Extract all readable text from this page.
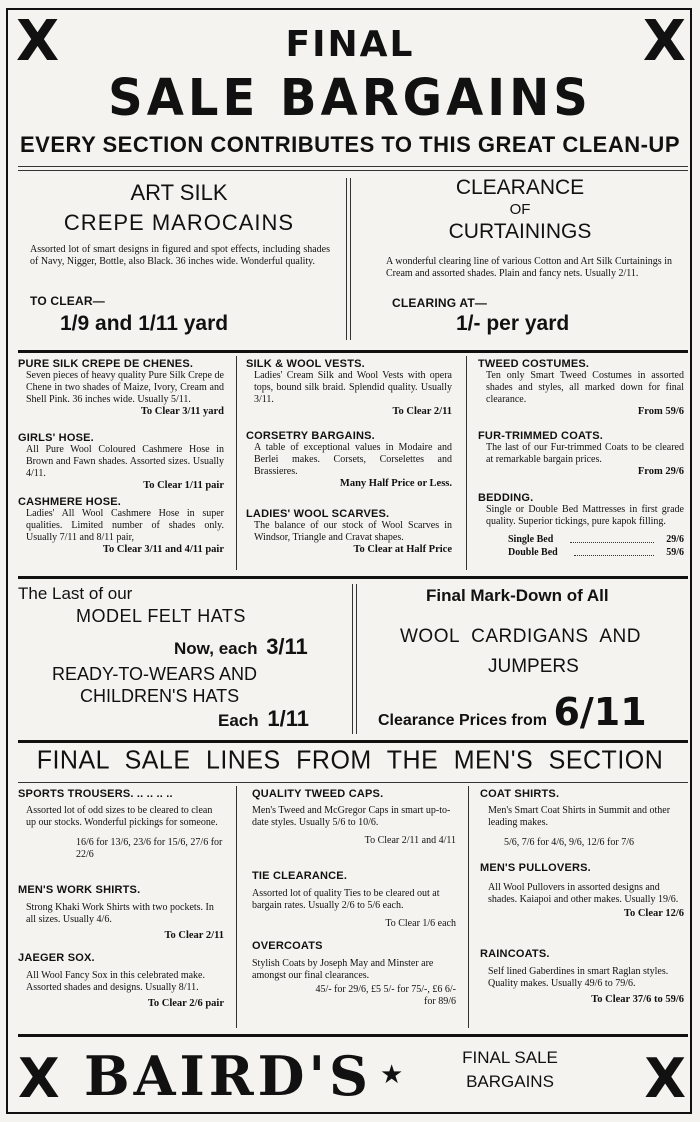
X	X
FINAL
SALE BARGAINS
EVERY SECTION CONTRIBUTES TO THIS GREAT CLEAN-UP
ART SILK
CREPE MAROCAINS
Assorted lot of smart designs in figured and spot effects, including shades of Navy, Nigger, Bottle, also Black. 36 inches wide. Wonderful quality.
TO CLEAR—
1/9 and 1/11 yard
CLEARANCE
OF
CURTAININGS
A wonderful clearing line of various Cotton and Art Silk Curtainings in Cream and assorted shades. Plain and fancy nets. Usually 2/11.
CLEARING AT—
1/- per yard
PURE SILK CREPE DE CHENES.
Seven pieces of heavy quality Pure Silk Crepe de Chene in two shades of Maize, Ivory, Cream and Shell Pink. 36 inches wide. Usually 5/11.
To Clear 3/11 yard
GIRLS' HOSE.
All Pure Wool Coloured Cashmere Hose in Brown and Fawn shades. Assorted sizes. Usually 4/11.
To Clear 1/11 pair
CASHMERE HOSE.
Ladies' All Wool Cashmere Hose in super qualities. Limited number of shades only. Usually 7/11 and 8/11 pair,
To Clear 3/11 and 4/11 pair
SILK & WOOL VESTS.
Ladies' Cream Silk and Wool Vests with opera tops, bound silk braid. Splendid quality. Usually 3/11.
To Clear 2/11
CORSETRY BARGAINS.
A table of exceptional values in Modaire and Berlei makes. Corsets, Corselettes and Brassieres.
Many Half Price or Less.
LADIES' WOOL SCARVES.
The balance of our stock of Wool Scarves in Windsor, Triangle and Cravat shapes.
To Clear at Half Price
TWEED COSTUMES.
Ten only Smart Tweed Costumes in assorted shades and styles, all marked down for final clearance.
From 59/6
FUR-TRIMMED COATS.
The last of our Fur-trimmed Coats to be cleared at remarkable bargain prices.
From 29/6
BEDDING.
Single or Double Bed Mattresses in first grade quality. Superior tickings, pure kapok filling.
Single Bed	29/6
Double Bed	59/6
The Last of our
MODEL FELT HATS
Now, each 3/11
READY-TO-WEARS AND
CHILDREN'S HATS
Each 1/11
Final Mark-Down of All
WOOL CARDIGANS AND
JUMPERS
Clearance Prices from 6/11
FINAL SALE LINES FROM THE MEN'S SECTION
SPORTS TROUSERS. .. .. .. ..
Assorted lot of odd sizes to be cleared to clean up our stocks. Wonderful pickings for someone.
16/6 for 13/6, 23/6 for 15/6, 27/6 for 22/6
MEN'S WORK SHIRTS.
Strong Khaki Work Shirts with two pockets. In all sizes. Usually 4/6.
To Clear 2/11
JAEGER SOX.
All Wool Fancy Sox in this celebrated make. Assorted shades and designs. Usually 8/11.
To Clear 2/6 pair
QUALITY TWEED CAPS.
Men's Tweed and McGregor Caps in smart up-to-date styles. Usually 5/6 to 10/6.
To Clear 2/11 and 4/11
TIE CLEARANCE.
Assorted lot of quality Ties to be cleared out at bargain rates. Usually 2/6 to 5/6 each.
To Clear 1/6 each
OVERCOATS
Stylish Coats by Joseph May and Minster are amongst our final clearances.
45/- for 29/6, £5 5/- for 75/-, £6 6/- for 89/6
COAT SHIRTS.
Men's Smart Coat Shirts in Summit and other leading makes.
5/6, 7/6 for 4/6, 9/6, 12/6 for 7/6
MEN'S PULLOVERS.
All Wool Pullovers in assorted designs and shades. Kaiapoi and other makes. Usually 19/6.
To Clear 12/6
RAINCOATS.
Self lined Gaberdines in smart Raglan styles. Quality makes. Usually 49/6 to 79/6.
To Clear 37/6 to 59/6
X BAIRD'S ★
FINAL SALE
BARGAINS	X
